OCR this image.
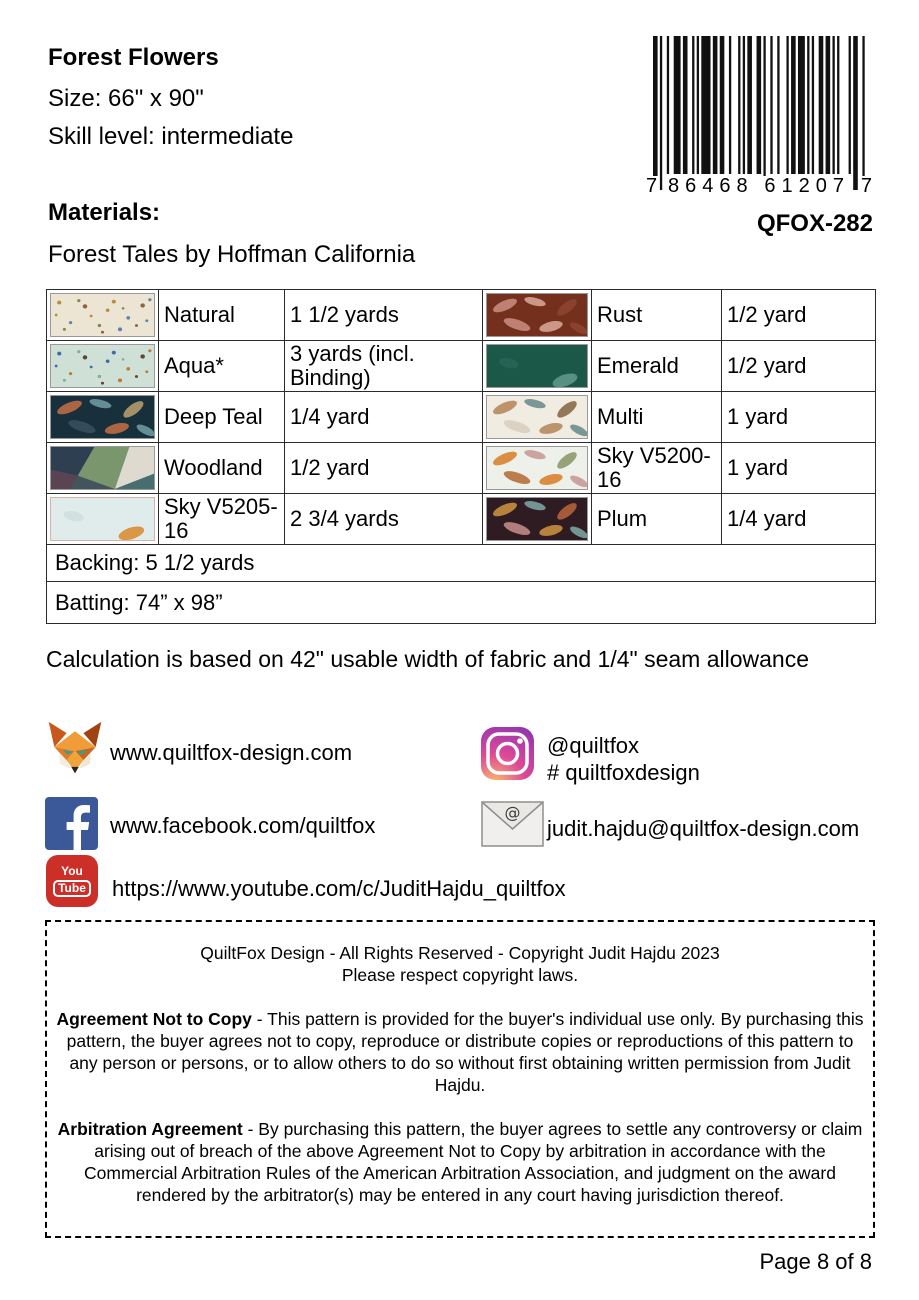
Forest Flowers
Size: 66" x 90"
Skill level: intermediate
Materials:
Forest Tales by Hoffman California
7 86468 61207 7
QFOX-282
	Natural	1 1/2 yards		Rust	1/2 yard

	Aqua*	3 yards (incl. Binding)		Emerald	1/2 yard

	Deep Teal	1/4 yard		Multi	1 yard

	Woodland	1/2 yard		Sky V5200-16	1 yard

	Sky V5205-16	2 3/4 yards		Plum	1/4 yard
Backing: 5 1/2 yards					
Batting: 74” x 98”					
Calculation is based on 42" usable width of fabric and 1/4" seam allowance
www.quiltfox-design.com	@quiltfox
# quiltfoxdesign
www.facebook.com/quiltfox
@
judit.hajdu@quiltfox-design.com
You
Tube https://www.youtube.com/c/JuditHajdu_quiltfox

QuiltFox Design - All Rights Reserved - Copyright Judit Hajdu 2023
Please respect copyright laws.

Agreement Not to Copy - This pattern is provided for the buyer's individual use only. By purchasing this pattern, the buyer agrees not to copy, reproduce or distribute copies or reproductions of this pattern to any person or persons, or to allow others to do so without first obtaining written permission from Judit Hajdu.

Arbitration Agreement - By purchasing this pattern, the buyer agrees to settle any controversy or claim arising out of breach of the above Agreement Not to Copy by arbitration in accordance with the Commercial Arbitration Rules of the American Arbitration Association, and judgment on the award rendered by the arbitrator(s) may be entered in any court having jurisdiction thereof.

Page 8 of 8
